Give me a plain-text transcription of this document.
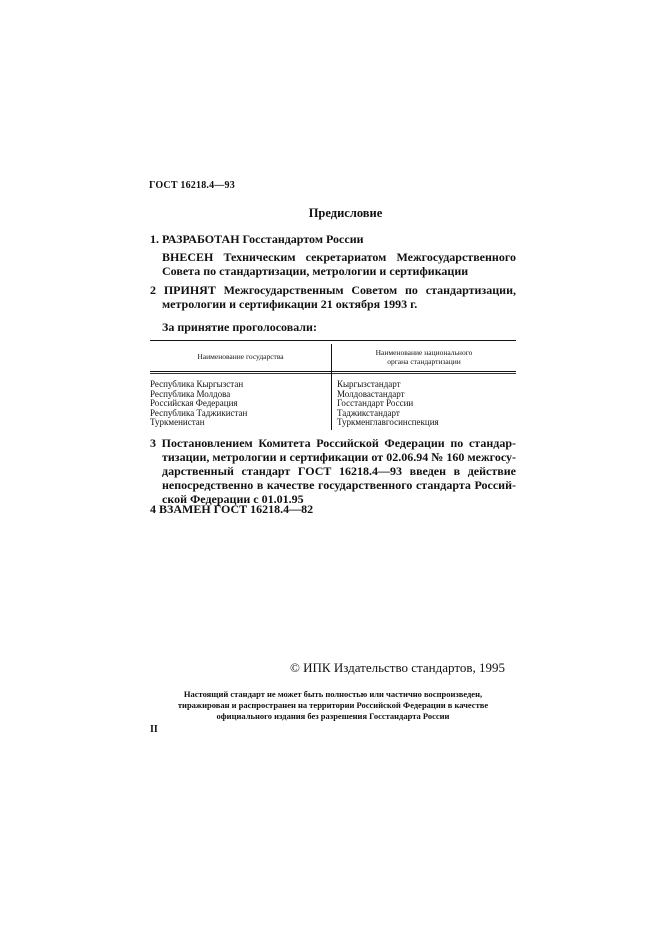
ГОСТ 16218.4—93
Предисловие
1. РАЗРАБОТАН Госстандартом России
ВНЕСЕН Техническим секретариатом Межгосударственного
Совета по стандартизации, метрологии и сертификации
2 ПРИНЯТ Межгосударственным Советом по стандартизации,
метрологии и сертификации 21 октября 1993 г.
За принятие проголосовали:
Наименование государства	Наименование национального
органа стандартизации
Республика Кыргызстан
Республика Молдова
Российская Федерация
Республика Таджикистан
Туркменистан
Кыргызстандарт
Молдовастандарт
Госстандарт России
Таджикстандарт
Туркменглавгосинспекция
3 Постановлением Комитета Российской Федерации по стандар-
тизации, метрологии и сертификации от 02.06.94 № 160 межгосу-
дарственный стандарт ГОСТ 16218.4—93 введен в действие
непосредственно в качестве государственного стандарта Россий-
ской Федерации с 01.01.95
4 ВЗАМЕН ГОСТ 16218.4—82
© ИПК Издательство стандартов, 1995
Настоящий стандарт не может быть полностью или частично воспроизведен,
тиражирован и распространен на территории Российской Федерации в качестве
официального издания без разрешения Госстандарта России
II
